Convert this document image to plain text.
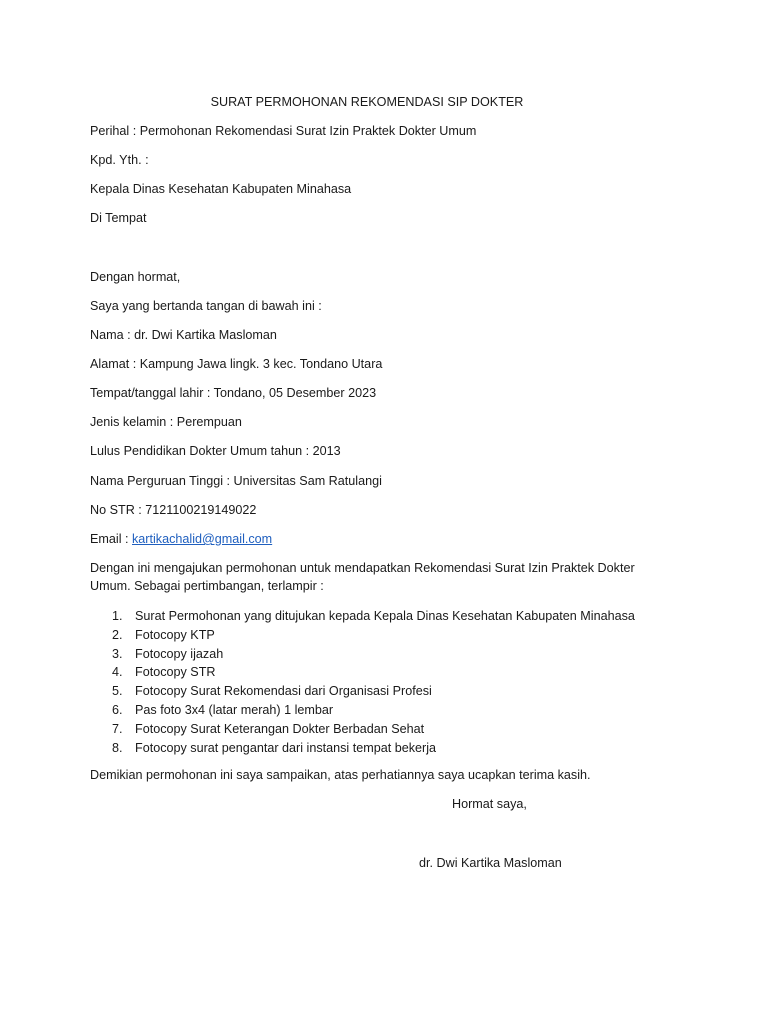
SURAT PERMOHONAN REKOMENDASI SIP DOKTER
Perihal : Permohonan Rekomendasi Surat Izin Praktek Dokter Umum
Kpd. Yth. :
Kepala Dinas Kesehatan Kabupaten Minahasa
Di Tempat
Dengan hormat,
Saya yang bertanda tangan di bawah ini :
Nama : dr. Dwi Kartika Masloman
Alamat : Kampung Jawa lingk. 3 kec. Tondano Utara
Tempat/tanggal lahir : Tondano, 05 Desember 2023
Jenis kelamin : Perempuan
Lulus Pendidikan Dokter Umum tahun : 2013
Nama Perguruan Tinggi : Universitas Sam Ratulangi
No STR : 7121100219149022
Email : kartikachalid@gmail.com
Dengan ini mengajukan permohonan untuk mendapatkan Rekomendasi Surat Izin Praktek Dokter
Umum. Sebagai pertimbangan, terlampir :
1. Surat Permohonan yang ditujukan kepada Kepala Dinas Kesehatan Kabupaten Minahasa
2. Fotocopy KTP
3. Fotocopy ijazah
4. Fotocopy STR
5. Fotocopy Surat Rekomendasi dari Organisasi Profesi
6. Pas foto 3x4 (latar merah) 1 lembar
7. Fotocopy Surat Keterangan Dokter Berbadan Sehat
8. Fotocopy surat pengantar dari instansi tempat bekerja
Demikian permohonan ini saya sampaikan, atas perhatiannya saya ucapkan terima kasih.
Hormat saya,
dr. Dwi Kartika Masloman
